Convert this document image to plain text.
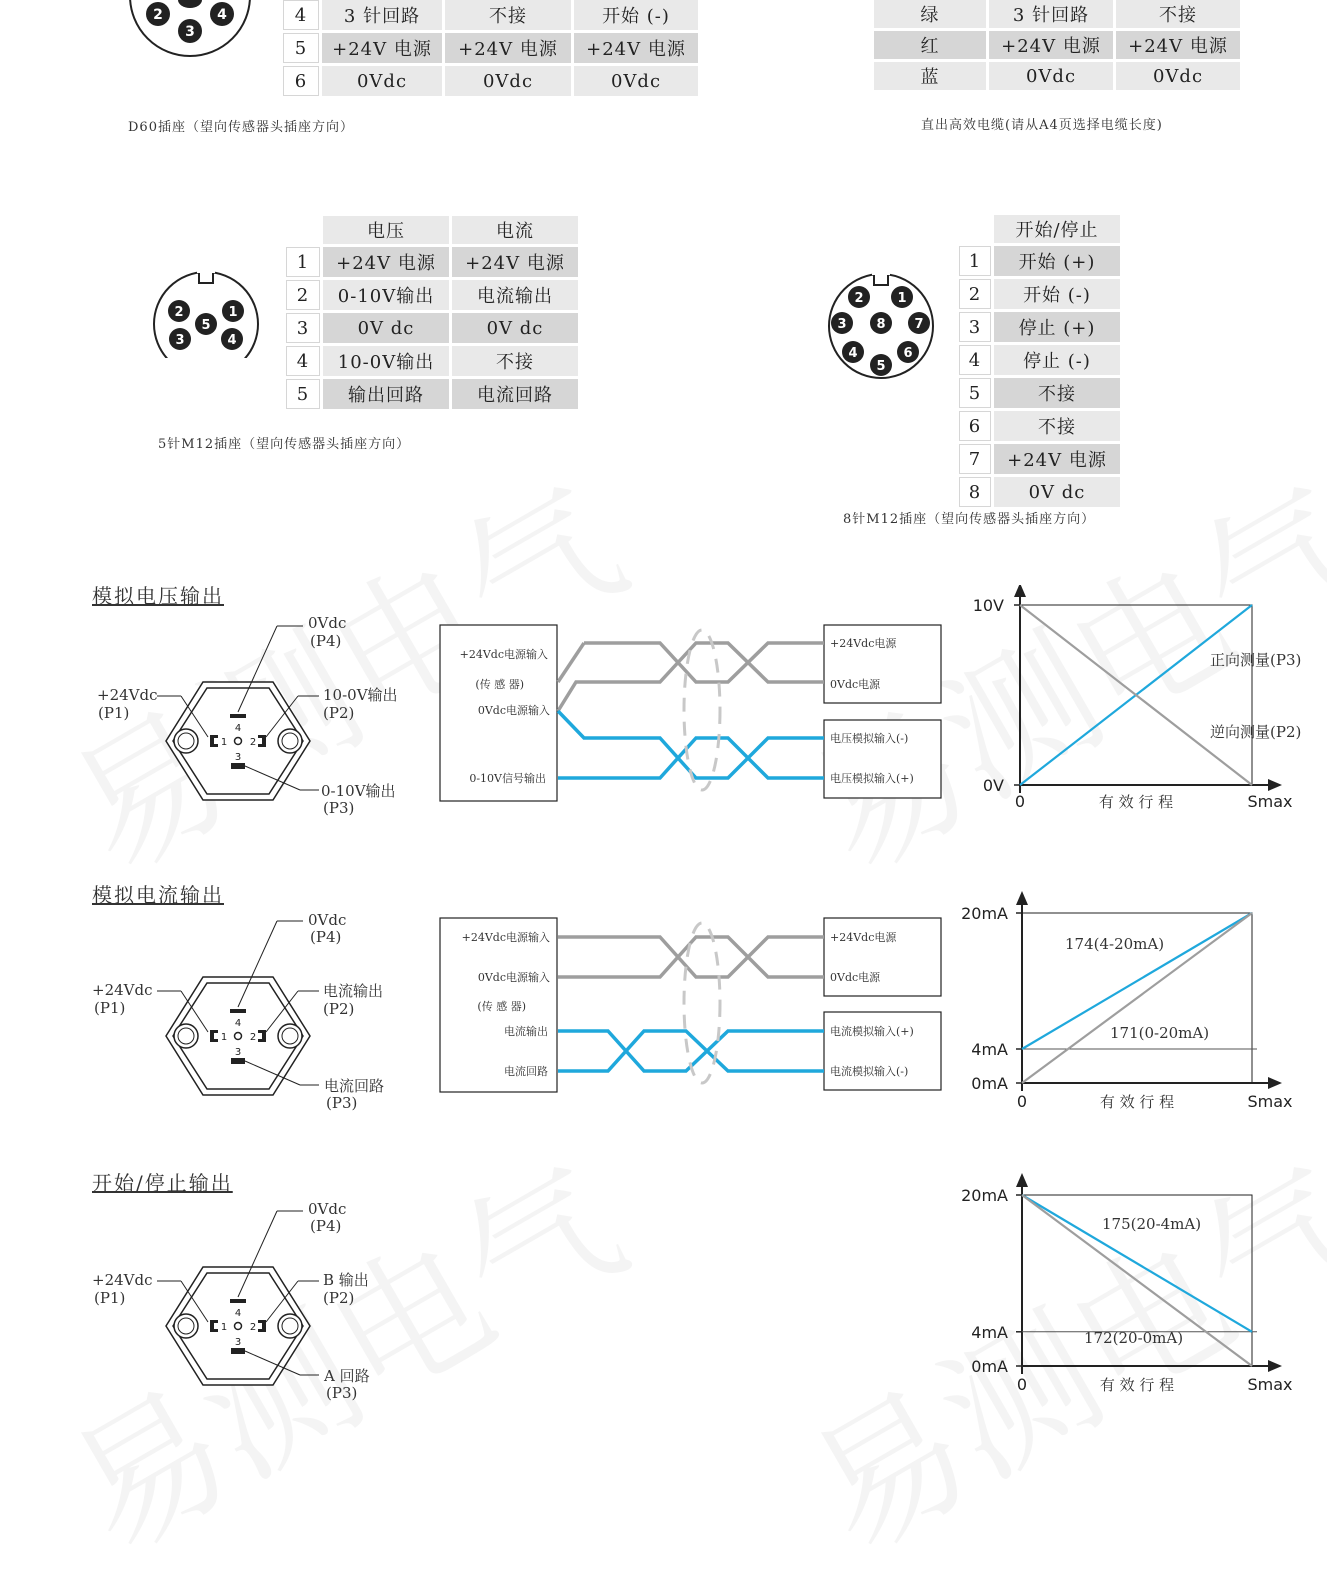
2	4
3
4	3 针回路	不接	开始 (-)
5	+24V 电源	+24V 电源	+24V 电源
6	0Vdc	0Vdc	0Vdc
D60插座（望向传感器头插座方向）
绿	3 针回路	不接
红	+24V 电源	+24V 电源
蓝	0Vdc	0Vdc
直出高效电缆(请从A4页选择电缆长度)
2	1
5
3	4
	电压	电流
1	+24V 电源	+24V 电源
2	0-10V输出	电流输出
3	0V dc	0V dc
4	10-0V输出	不接
5	输出回路	电流回路
5针M12插座（望向传感器头插座方向）
2	1
3 8 7
4	6
5
	开始/停止
1	开始 (+)
2	开始 (-)
3	停止 (+)
4	停止 (-)
5	不接
6	不接
7	+24V 电源
8	0V dc
8针M12插座（望向传感器头插座方向）
模拟电压输出
模拟电流输出
开始/停止输出
4
1 2
3
0Vdc
(P4)
+24Vdc
(P1)
10-0V输出
(P2)
0-10V输出
(P3)
4
1 2
3
0Vdc
(P4)
+24Vdc
(P1)
电流输出
(P2)
电流回路
(P3)
4
1 2
3
0Vdc
(P4)
+24Vdc
(P1)
B 输出
(P2)
A 回路
(P3)
+24Vdc电源输入
(传 感 器)
0Vdc电源输入
0-10V信号输出
+24Vdc电源
0Vdc电源
电压模拟输入(-)
电压模拟输入(+)
+24Vdc电源输入
0Vdc电源输入
(传 感 器)
电流输出
电流回路
+24Vdc电源
0Vdc电源
电流模拟输入(+)
电流模拟输入(-)
0V
10V
0	Smax
有 效 行 程
正向测量(P3)
逆向测量(P2)
0mA
4mA
20mA
0	Smax
有 效 行 程
174(4-20mA)
171(0-20mA)
0mA
4mA
20mA
0	Smax
有 效 行 程
175(20-4mA)
172(20-0mA)
